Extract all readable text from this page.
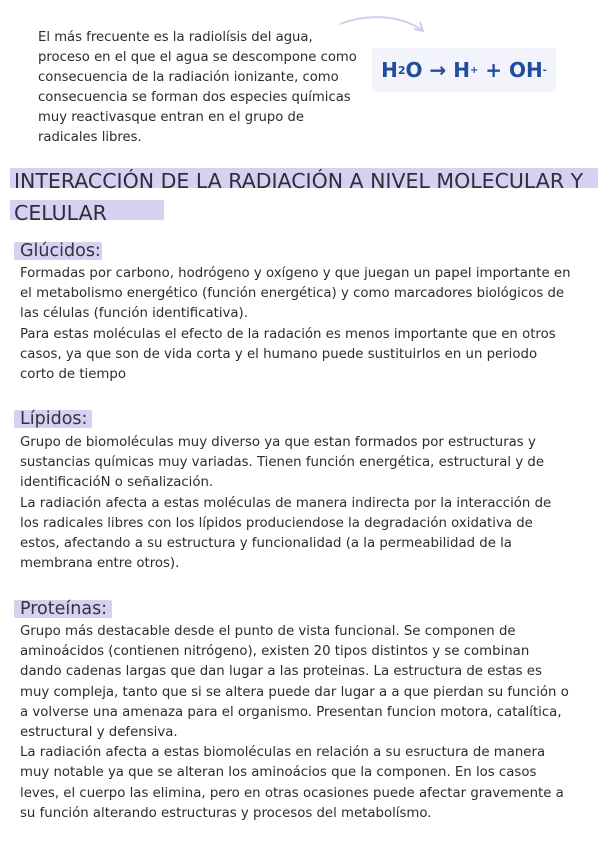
El más frecuente es la radiolísis del agua, proceso en el que el agua se descompone como consecuencia de la radiación ionizante, como consecuencia se forman dos especies químicas muy reactivasque entran en el grupo de radicales libres.

H 2 O
→
H +
+
OH -
INTERACCIÓN DE LA RADIACIÓN A NIVEL MOLECULAR Y CELULAR
Glúcidos:

Formadas por carbono, hodrógeno y oxígeno y que juegan un papel importante en el metabolismo energético (función energética) y como marcadores biológicos de las células (función identificativa).

Para estas moléculas el efecto de la radación es menos importante que en otros casos, ya que son de vida corta y el humano puede sustituirlos en un periodo corto de tiempo

Lípidos:

Grupo de biomoléculas muy diverso ya que estan formados por estructuras y sustancias químicas muy variadas. Tienen función energética, estructural y de identificacióN o señalización.

La radiación afecta a estas moléculas de manera indirecta por la interacción de los radicales libres con los lípidos produciendose la degradación oxidativa de estos, afectando a su estructura y funcionalidad (a la permeabilidad de la membrana entre otros).

Proteínas:

Grupo más destacable desde el punto de vista funcional. Se componen de aminoácidos (contienen nitrógeno), existen 20 tipos distintos y se combinan dando cadenas largas que dan lugar a las proteinas. La estructura de estas es muy compleja, tanto que si se altera puede dar lugar a a que pierdan su función o a volverse una amenaza para el organismo. Presentan funcion motora, catalítica, estructural y defensiva.

La radiación afecta a estas biomoléculas en relación a su esructura de manera muy notable ya que se alteran los aminoácios que la componen. En los casos leves, el cuerpo las elimina, pero en otras ocasiones puede afectar gravemente a su función alterando estructuras y procesos del metabolísmo.
